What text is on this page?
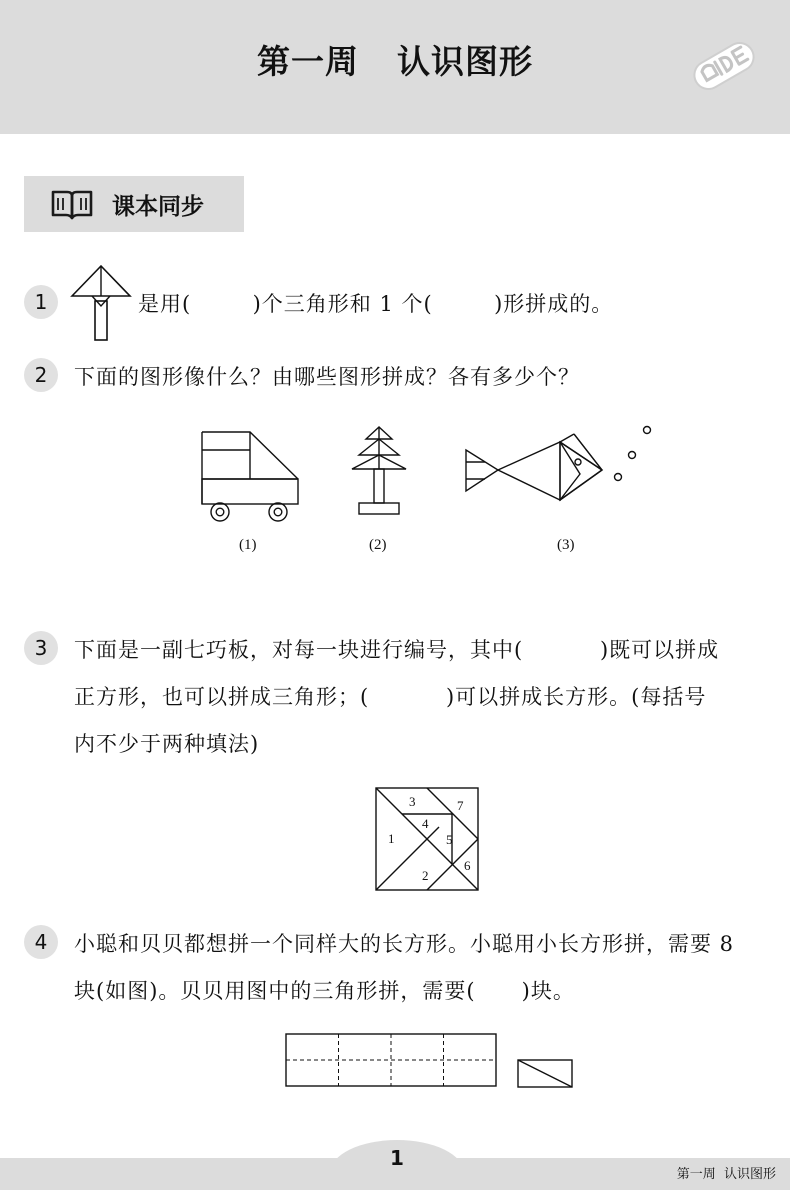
第一周 认识图形
课本同步
1	是用(        )个三角形和 1 个(        )形拼成的。
2	下面的图形像什么？由哪些图形拼成？各有多少个？
(1)	(2)	(3)
3	下面是一副七巧板，对每一块进行编号，其中(          )既可以拼成
正方形，也可以拼成三角形；(          )可以拼成长方形。(每括号
内不少于两种填法)
1
2
3
4
5
6
7
4	小聪和贝贝都想拼一个同样大的长方形。小聪用小长方形拼，需要 8
块(如图)。贝贝用图中的三角形拼，需要(      )块。
1
第一周  认识图形
